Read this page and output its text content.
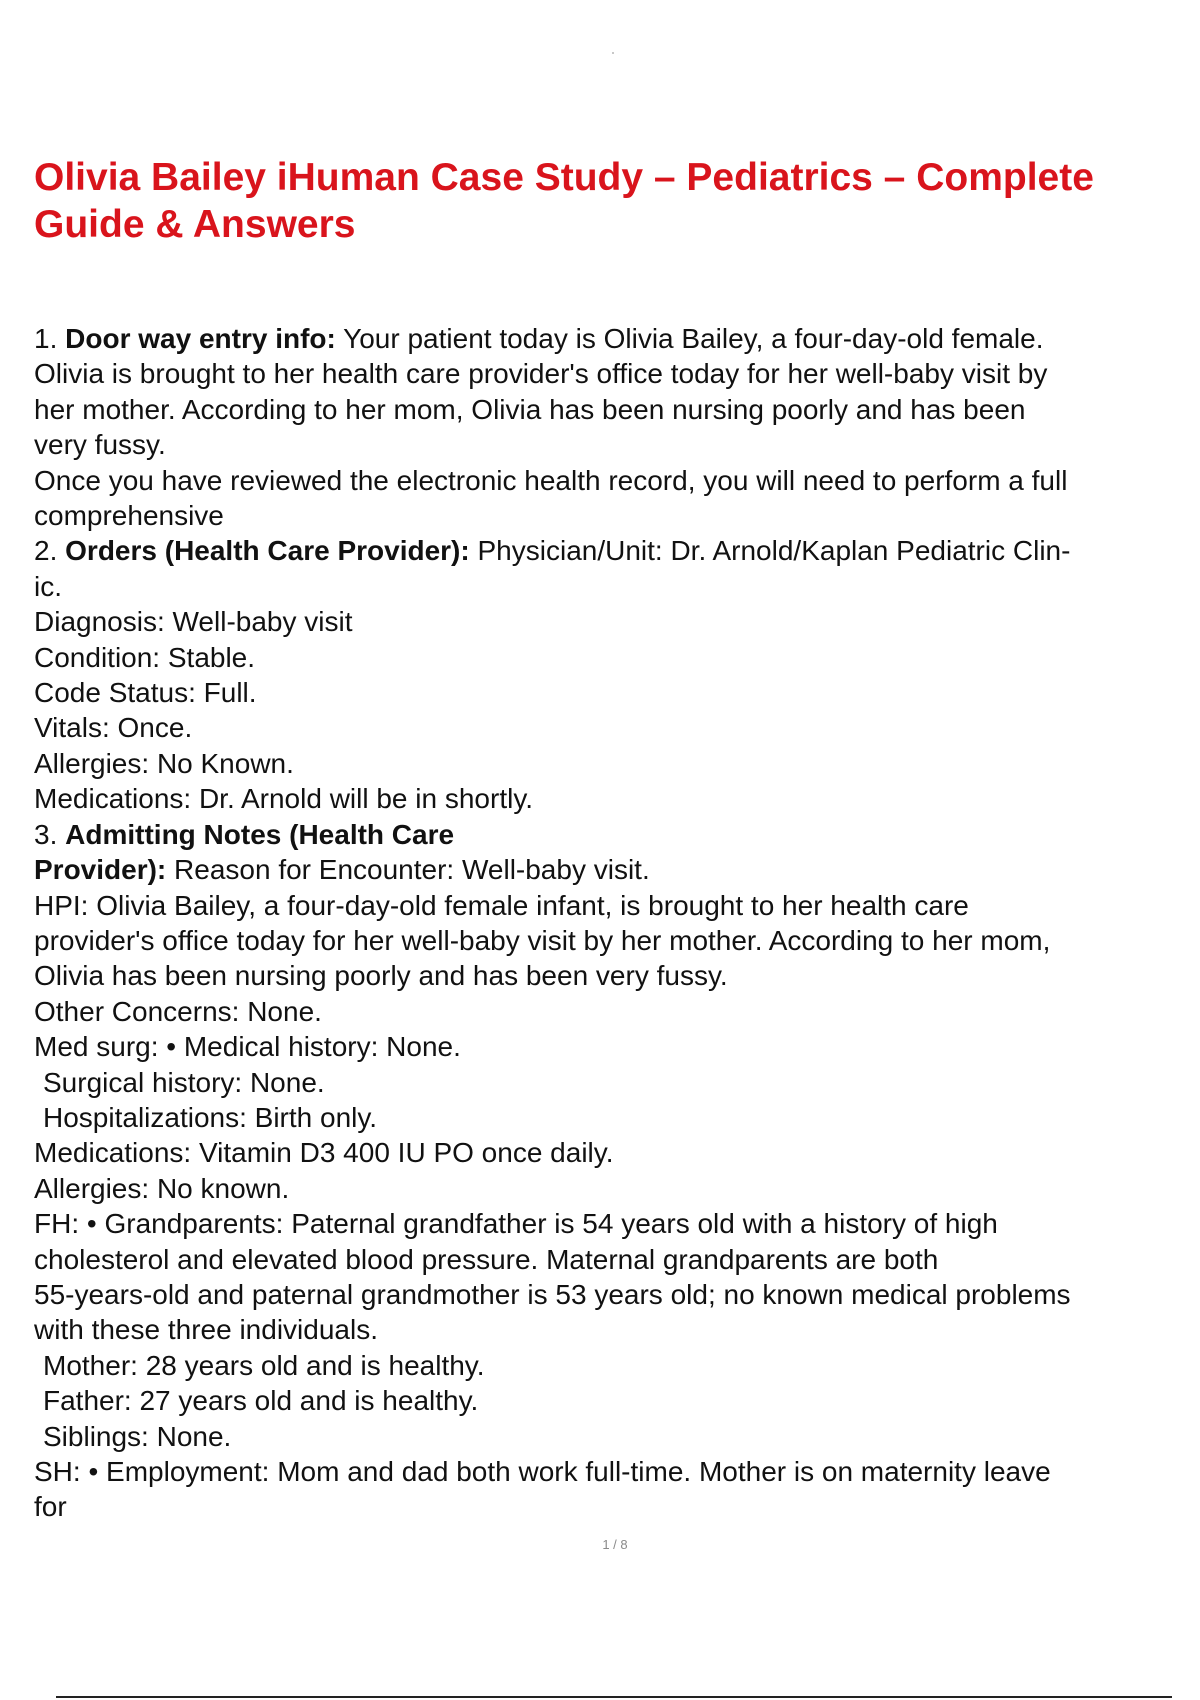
Olivia Bailey iHuman Case Study – Pediatrics – Complete Guide & Answers
1. Door way entry info: Your patient today is Olivia Bailey, a four-day-old female.
Olivia is brought to her health care provider's office today for her well-baby visit by
her mother. According to her mom, Olivia has been nursing poorly and has been
very fussy.
Once you have reviewed the electronic health record, you will need to perform a full
comprehensive
2. Orders (Health Care Provider): Physician/Unit: Dr. Arnold/Kaplan Pediatric Clin-
ic.
Diagnosis: Well-baby visit
Condition: Stable.
Code Status: Full.
Vitals: Once.
Allergies: No Known.
Medications: Dr. Arnold will be in shortly.
3. Admitting Notes (Health Care
Provider): Reason for Encounter: Well-baby visit.
HPI: Olivia Bailey, a four-day-old female infant, is brought to her health care
provider's office today for her well-baby visit by her mother. According to her mom,
Olivia has been nursing poorly and has been very fussy.
Other Concerns: None.
Med surg: • Medical history: None.
Surgical history: None.
Hospitalizations: Birth only.
Medications: Vitamin D3 400 IU PO once daily.
Allergies: No known.
FH: • Grandparents: Paternal grandfather is 54 years old with a history of high
cholesterol and elevated blood pressure. Maternal grandparents are both
55-years-old and paternal grandmother is 53 years old; no known medical problems
with these three individuals.
Mother: 28 years old and is healthy.
Father: 27 years old and is healthy.
Siblings: None.
SH: • Employment: Mom and dad both work full-time. Mother is on maternity leave
for
1 / 8
